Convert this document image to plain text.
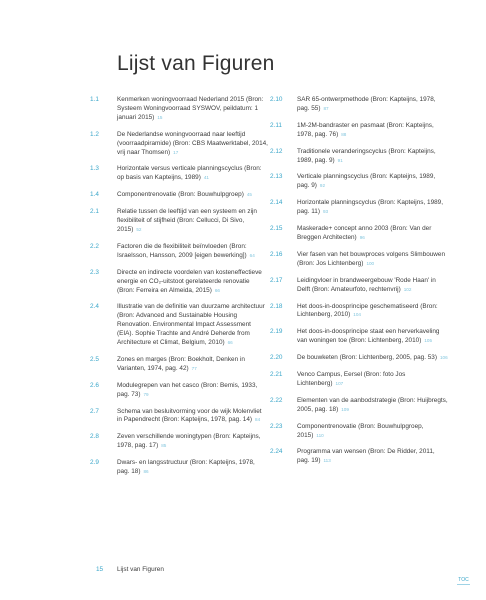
Lijst van Figuren
1.1	Kenmerken woningvoorraad Nederland 2015 (Bron: Systeem Woningvoorraad SYSWOV, peildatum: 1 januari 2015) 15
1.2	De Nederlandse woningvoorraad naar leeftijd (voorraadpiramide) (Bron: CBS Maatwerktabel, 2014, vrij naar Thomsen) 17
1.3	Horizontale versus verticale planningscyclus (Bron: op basis van Kapteijns, 1989) 41
1.4	Componentrenovatie (Bron: Bouwhulpgroep) 45
2.1	Relatie tussen de leeftijd van een systeem en zijn flexibiliteit of stijfheid (Bron: Cellucci, Di Sivo, 2015) 52
2.2	Factoren die de flexibiliteit beïnvloeden (Bron: Israelsson, Hansson, 2009 [eigen bewerking]) 64
2.3	Directe en indirecte voordelen van kosteneffectieve energie en CO₂-uitstoot gerelateerde renovatie (Bron: Ferreira en Almeida, 2015) 66
2.4	Illustratie van de definitie van duurzame architectuur (Bron: Advanced and Sustainable Housing Renovation. Environmental Impact Assessment (EIA). Sophie Trachte and André Deherde from Architecture et Climat, Belgium, 2010) 66
2.5	Zones en marges (Bron: Boekholt, Denken in Varianten, 1974, pag. 42) 77
2.6	Modulegrepen van het casco (Bron: Bemis, 1933, pag. 73) 79
2.7	Schema van besluitvorming voor de wijk Molenvliet in Papendrecht (Bron: Kapteijns, 1978, pag. 14) 84
2.8	Zeven verschillende woningtypen (Bron: Kapteijns, 1978, pag. 17) 85
2.9	Dwars- en langsstructuur (Bron: Kapteijns, 1978, pag. 18) 86
2.10	SAR 65-ontwerpmethode (Bron: Kapteijns, 1978, pag. 55) 87
2.11	1M-2M-bandraster en pasmaat (Bron: Kapteijns, 1978, pag. 76) 88
2.12	Traditionele veranderingscyclus (Bron: Kapteijns, 1989, pag. 9) 91
2.13	Verticale planningscyclus (Bron: Kapteijns, 1989, pag. 9) 92
2.14	Horizontale planningscyclus (Bron: Kapteijns, 1989, pag. 11) 93
2.15	Maskerade+ concept anno 2003 (Bron: Van der Breggen Architecten) 96
2.16	Vier fasen van het bouwproces volgens Slimbouwen (Bron: Jos Lichtenberg) 100
2.17	Leidingvloer in brandweergebouw 'Rode Haan' in Delft (Bron: Amateurfoto, rechtenvrij) 102
2.18	Het doos-in-doosprincipe geschematiseerd (Bron: Lichtenberg, 2010) 104
2.19	Het doos-in-doosprincipe staat een herverkaveling van woningen toe (Bron: Lichtenberg, 2010) 105
2.20	De bouwketen (Bron: Lichtenberg, 2005, pag. 53) 106
2.21	Venco Campus, Eersel (Bron: foto Jos Lichtenberg) 107
2.22	Elementen van de aanbodstrategie (Bron: Huijbregts, 2005, pag. 18) 109
2.23	Componentrenovatie (Bron: Bouwhulpgroep, 2015) 110
2.24	Programma van wensen (Bron: De Ridder, 2011, pag. 19) 113
15 Lijst van Figuren
TOC
